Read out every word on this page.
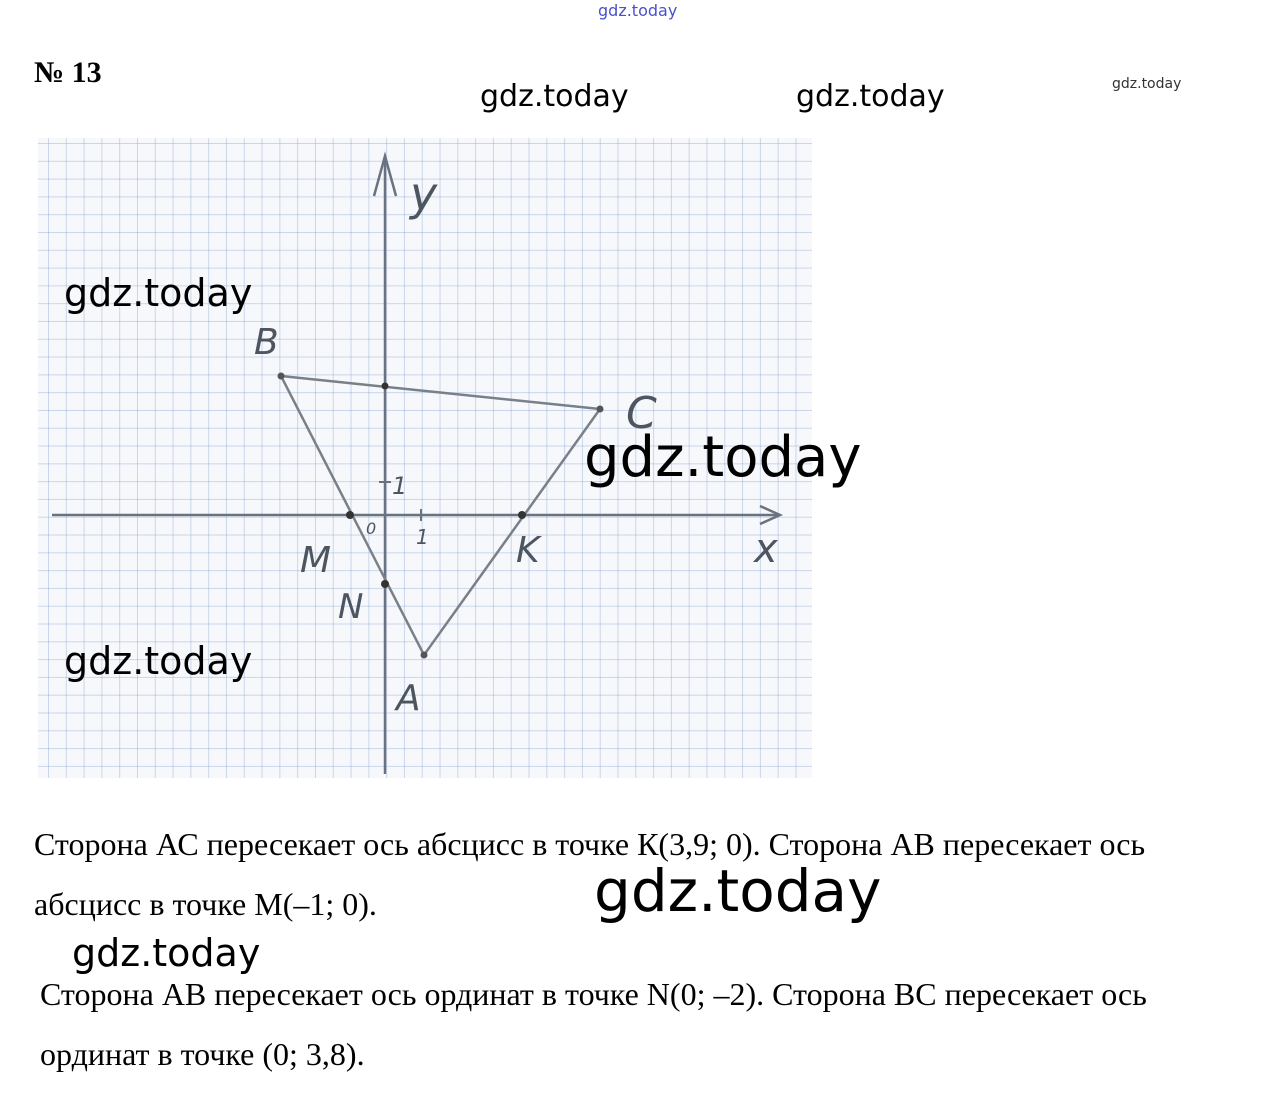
gdz.today
gdz.today	gdz.today	gdz.today
№ 13
y
x
B
C
K
M
N
A
0 1
1
gdz.today
gdz.today
gdz.today

Сторона АС пересекает ось абсцисс в точке К(3,9; 0). Сторона АВ пересекает ось абсцисс в точке М(–1; 0).	gdz.today
gdz.today

Сторона АВ пересекает ось ординат в точке N(0; –2). Сторона ВС пересекает ось ординат в точке (0; 3,8).
